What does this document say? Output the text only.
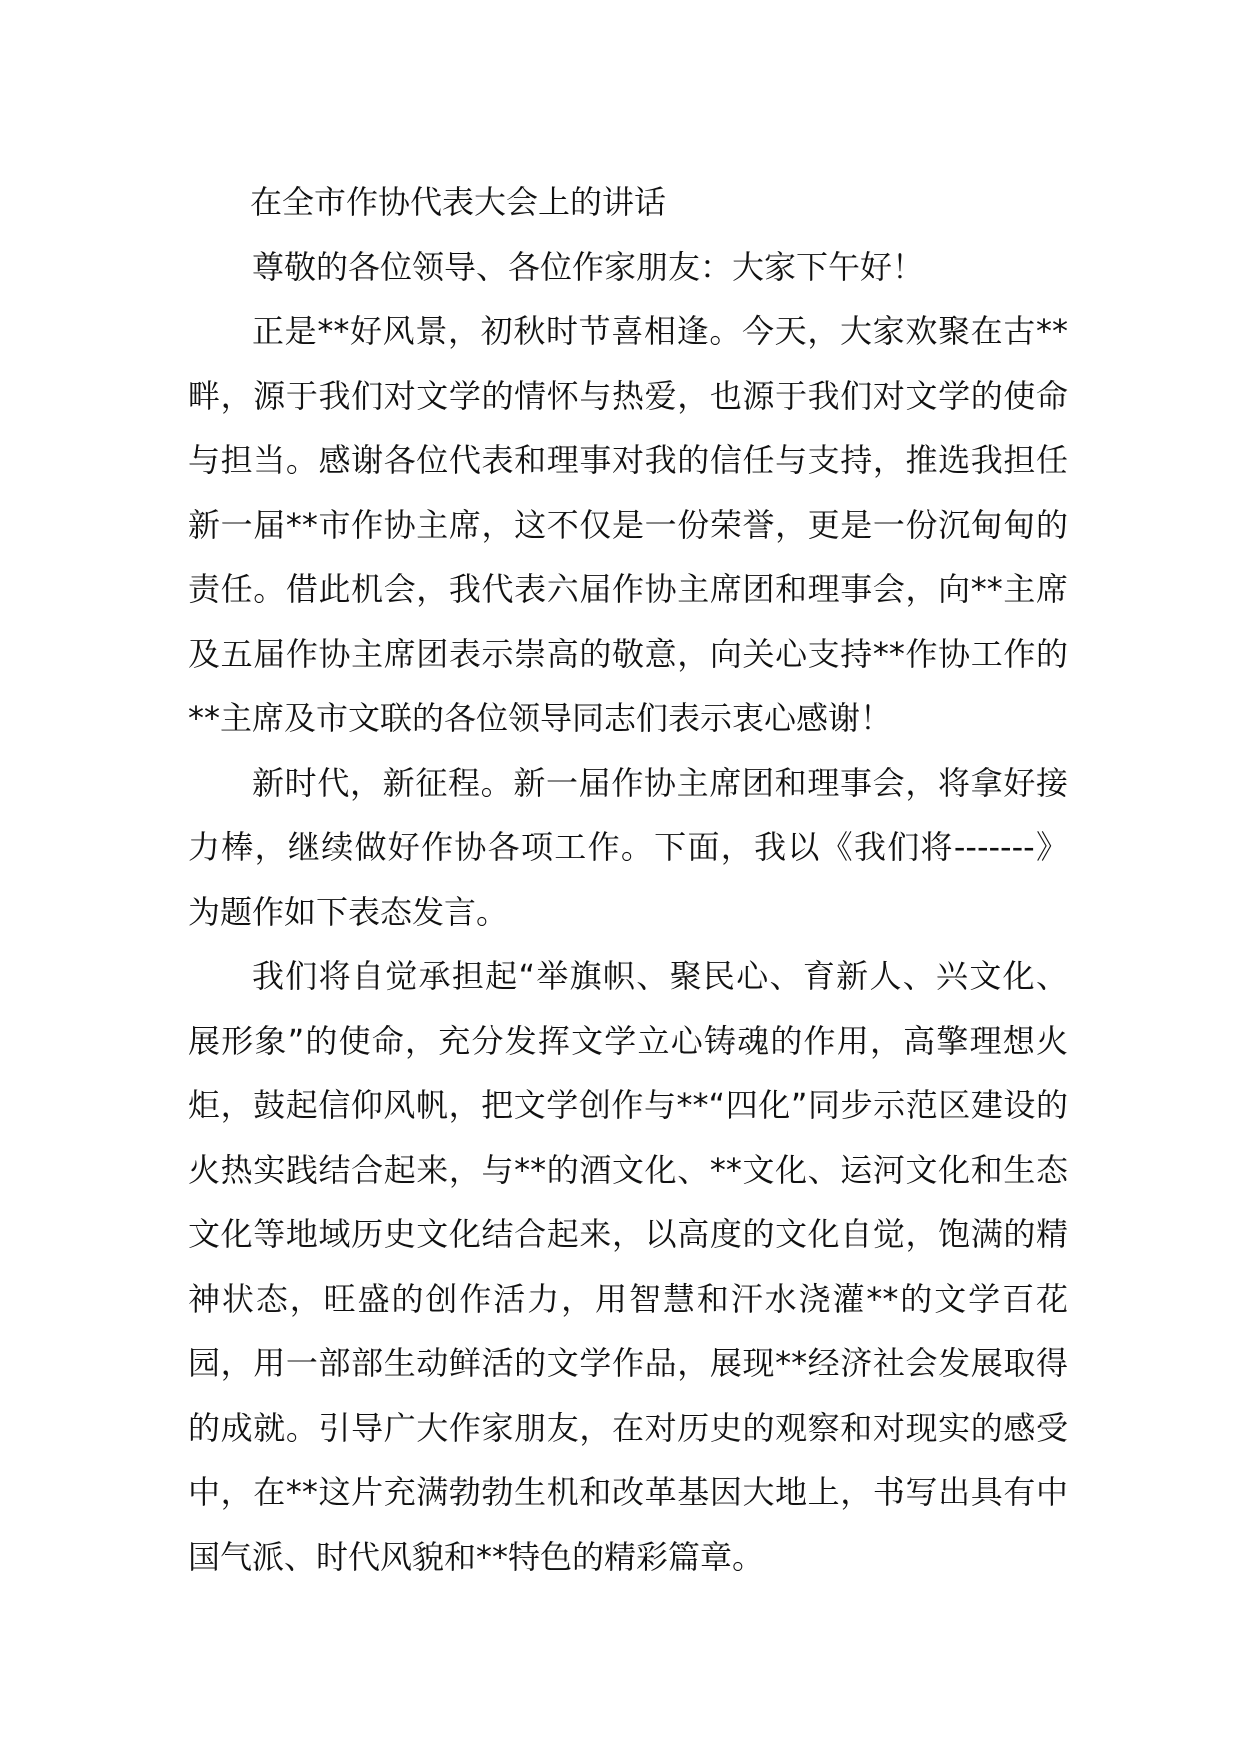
在全市作协代表大会上的讲话

尊敬的各位领导、各位作家朋友：大家下午好！

正是**好风景，初秋时节喜相逢。今天，大家欢聚在古**畔，源于我们对文学的情怀与热爱，也源于我们对文学的使命与担当。感谢各位代表和理事对我的信任与支持，推选我担任新一届**市作协主席，这不仅是一份荣誉，更是一份沉甸甸的责任。借此机会，我代表六届作协主席团和理事会，向**主席及五届作协主席团表示崇高的敬意，向关心支持**作协工作的**主席及市文联的各位领导同志们表示衷心感谢！

新时代，新征程。新一届作协主席团和理事会，将拿好接力棒，继续做好作协各项工作。下面，我以《我们将-------》为题作如下表态发言。

我们将自觉承担起“举旗帜、聚民心、育新人、兴文化、展形象”的使命，充分发挥文学立心铸魂的作用，高擎理想火炬，鼓起信仰风帆，把文学创作与**“四化”同步示范区建设的火热实践结合起来，与**的酒文化、**文化、运河文化和生态文化等地域历史文化结合起来，以高度的文化自觉，饱满的精神状态，旺盛的创作活力，用智慧和汗水浇灌**的文学百花园，用一部部生动鲜活的文学作品，展现**经济社会发展取得的成就。引导广大作家朋友，在对历史的观察和对现实的感受中，在**这片充满勃勃生机和改革基因大地上，书写出具有中国气派、时代风貌和**特色的精彩篇章。
